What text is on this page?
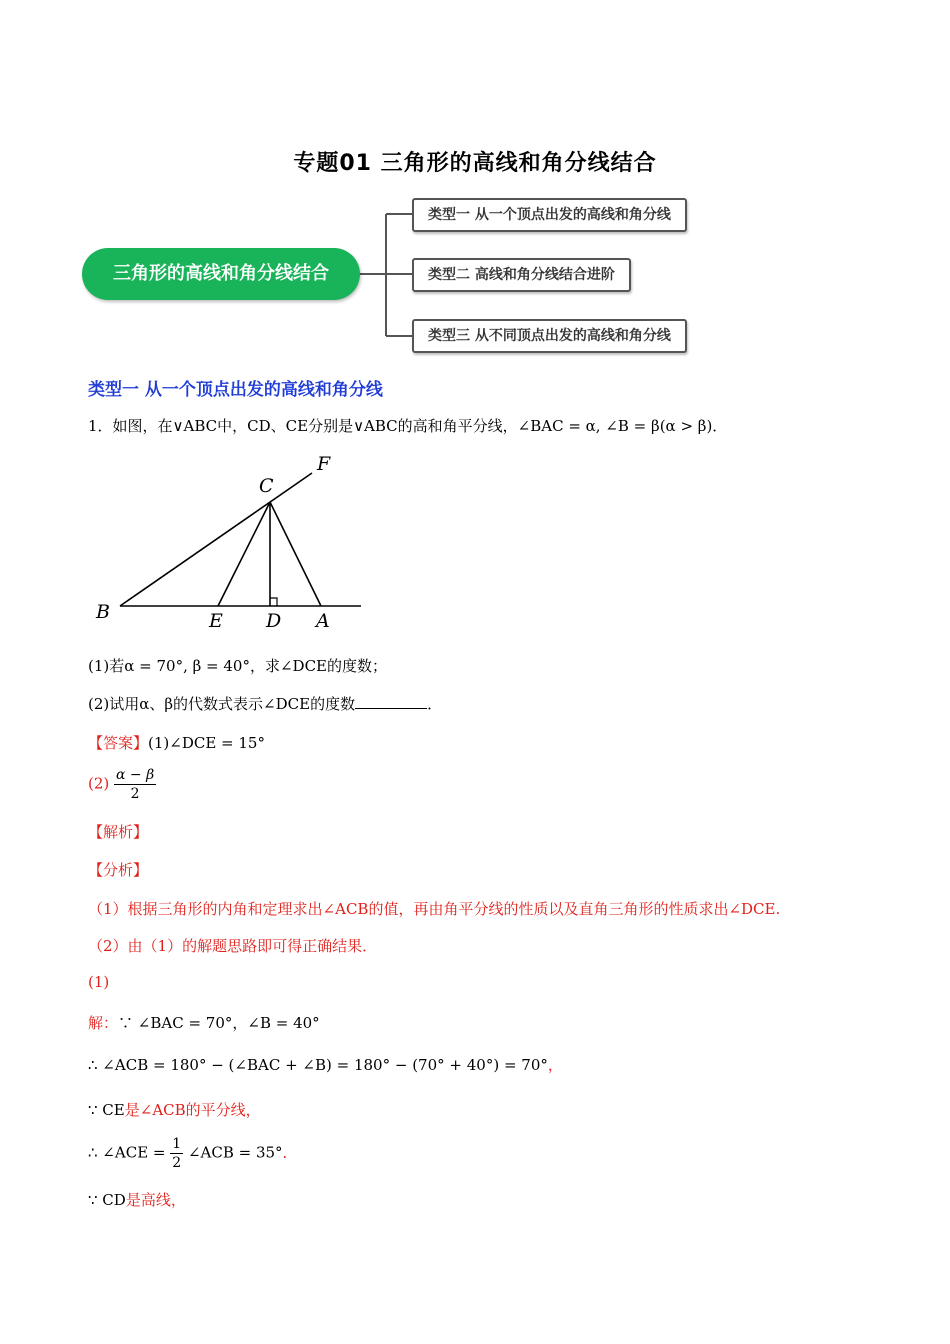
专题01 三角形的高线和角分线结合
三角形的高线和角分线结合
类型一 从一个顶点出发的高线和角分线
类型二 高线和角分线结合进阶
类型三 从不同顶点出发的高线和角分线
类型一 从一个顶点出发的高线和角分线
1．如图，在∨ABC中，CD、CE分别是∨ABC的高和角平分线，∠BAC = α, ∠B = β(α > β)．
B
C
F
E D A
(1)若α = 70°, β = 40°，求∠DCE的度数；
(2)试用α、β的代数式表示∠DCE的度数	．
【答案】(1)∠DCE = 15°
$(2) \frac{\alpha - \beta}{2}$
【解析】
【分析】
（1）根据三角形的内角和定理求出∠ACB的值，再由角平分线的性质以及直角三角形的性质求出∠DCE.
（2）由（1）的解题思路即可得正确结果．
(1)
解：∵ ∠BAC = 70°，∠B = 40°
∴ ∠ACB = 180° − (∠BAC + ∠B) = 180° − (70° + 40°) = 70°，
∵ CE是∠ACB的平分线，
∴ ∠ACE = $\frac{1}{2}$ ∠ACB = 35°．
∵ CD是高线，
